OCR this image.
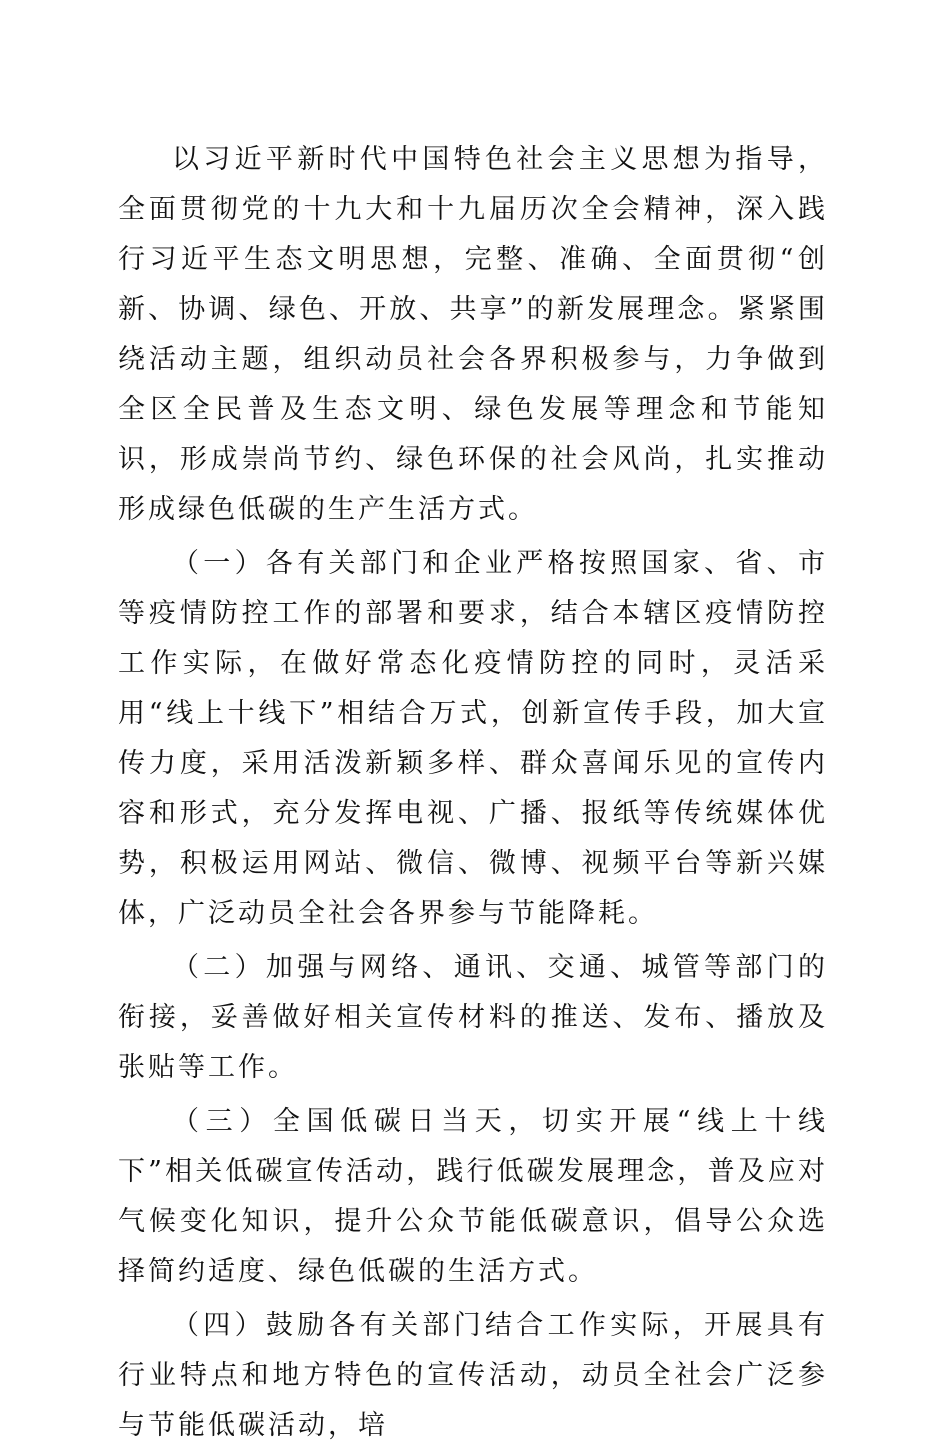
以习近平新时代中国特色社会主义思想为指导，全面贯彻党的十九大和十九届历次全会精神，深入践行习近平生态文明思想，完整、准确、全面贯彻“创新、协调、绿色、开放、共享”的新发展理念。紧紧围绕活动主题，组织动员社会各界积极参与，力争做到全区全民普及生态文明、绿色发展等理念和节能知识，形成崇尚节约、绿色环保的社会风尚，扎实推动形成绿色低碳的生产生活方式。

（一）各有关部门和企业严格按照国家、省、市等疫情防控工作的部署和要求，结合本辖区疫情防控工作实际，在做好常态化疫情防控的同时，灵活采用“线上十线下”相结合万式，创新宣传手段，加大宣传力度，采用活泼新颖多样、群众喜闻乐见的宣传内容和形式，充分发挥电视、广播、报纸等传统媒体优势，积极运用网站、微信、微博、视频平台等新兴媒体，广泛动员全社会各界参与节能降耗。

（二）加强与网络、通讯、交通、城管等部门的衔接，妥善做好相关宣传材料的推送、发布、播放及张贴等工作。

（三）全国低碳日当天，切实开展“线上十线下”相关低碳宣传活动，践行低碳发展理念，普及应对气候变化知识，提升公众节能低碳意识，倡导公众选择简约适度、绿色低碳的生活方式。

（四）鼓励各有关部门结合工作实际，开展具有行业特点和地方特色的宣传活动，动员全社会广泛参与节能低碳活动，培
